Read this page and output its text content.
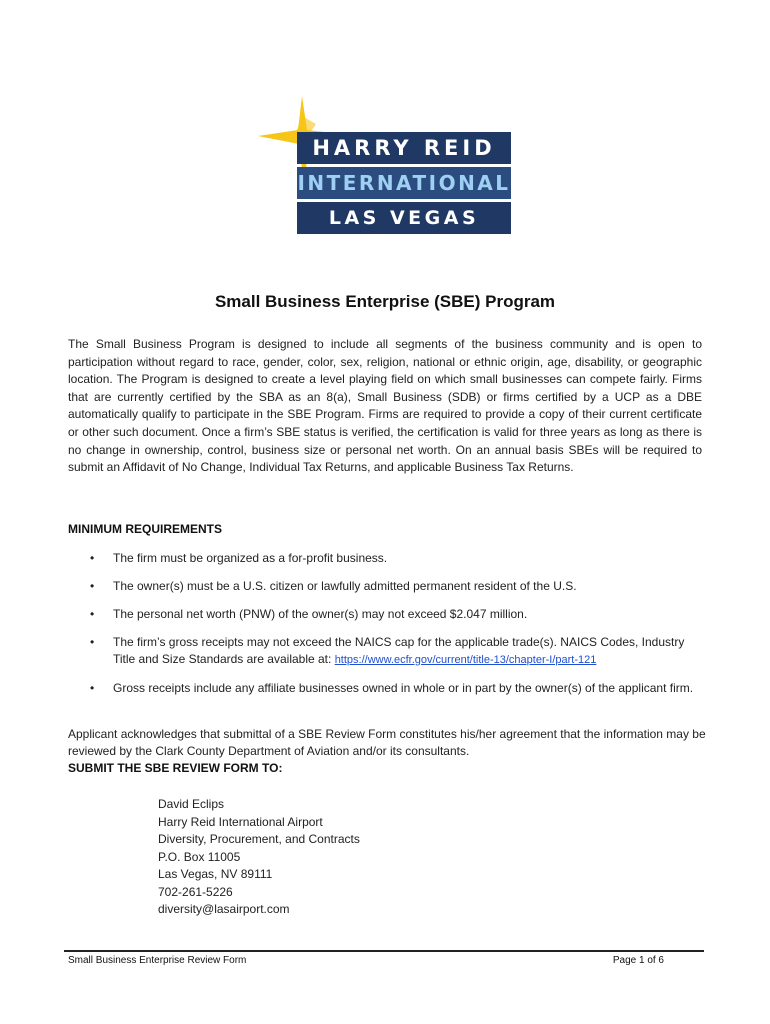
HARRY REID
INTERNATIONAL
LAS VEGAS
Small Business Enterprise (SBE) Program

The Small Business Program is designed to include all segments of the business community and is open to participation without regard to race, gender, color, sex, religion, national or ethnic origin, age, disability, or geographic location. The Program is designed to create a level playing field on which small businesses can compete fairly. Firms that are currently certified by the SBA as an 8(a), Small Business (SDB) or firms certified by a UCP as a DBE automatically qualify to participate in the SBE Program. Firms are required to provide a copy of their current certificate or other such document. Once a firm’s SBE status is verified, the certification is valid for three years as long as there is no change in ownership, control, business size or personal net worth. On an annual basis SBEs will be required to submit an Affidavit of No Change, Individual Tax Returns, and applicable Business Tax Returns.

MINIMUM REQUIREMENTS
• The firm must be organized as a for-profit business.
• The owner(s) must be a U.S. citizen or lawfully admitted permanent resident of the U.S.
• The personal net worth (PNW) of the owner(s) may not exceed $2.047 million.
• The firm’s gross receipts may not exceed the NAICS cap for the applicable trade(s). NAICS Codes, Industry Title and Size Standards are available at: https://www.ecfr.gov/current/title-13/chapter-I/part-121
• Gross receipts include any affiliate businesses owned in whole or in part by the owner(s) of the applicant firm.

Applicant acknowledges that submittal of a SBE Review Form constitutes his/her agreement that the information may be reviewed by the Clark County Department of Aviation and/or its consultants.

SUBMIT THE SBE REVIEW FORM TO:
David Eclips
Harry Reid International Airport
Diversity, Procurement, and Contracts
P.O. Box 11005
Las Vegas, NV 89111
702-261-5226
diversity@lasairport.com
Small Business Enterprise Review Form	Page 1 of 6
